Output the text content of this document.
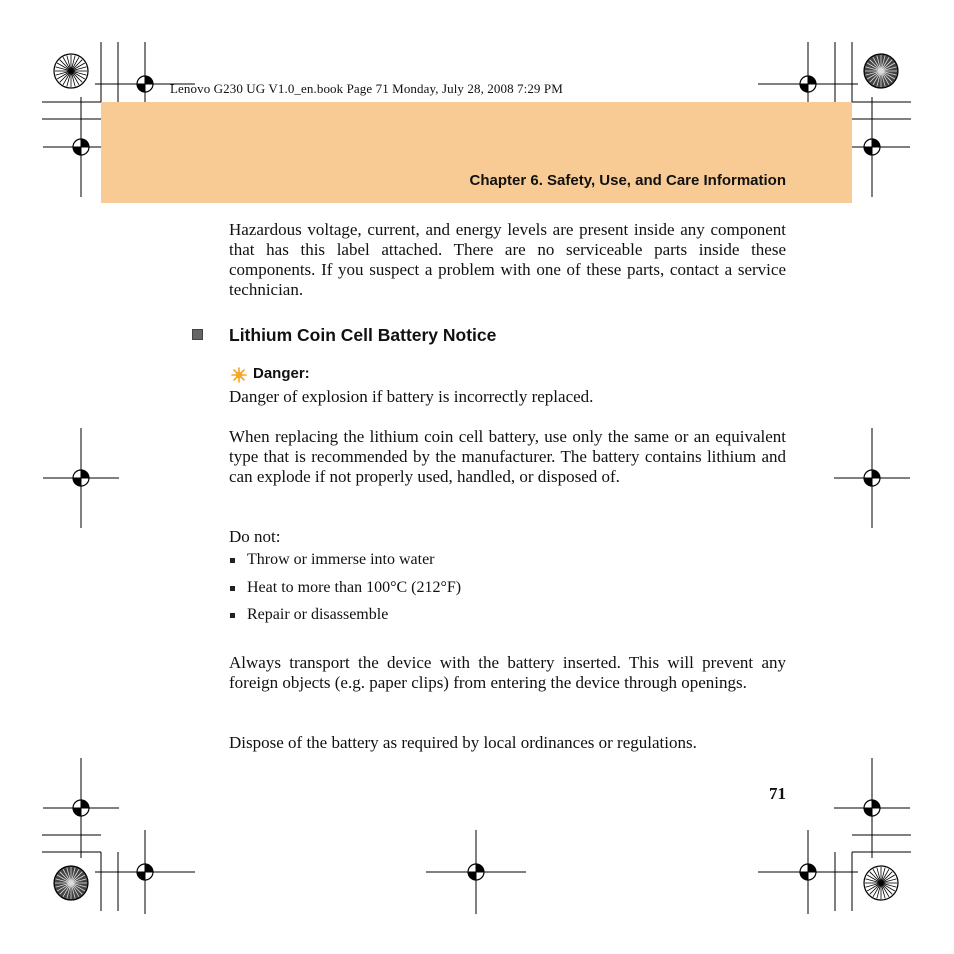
Lenovo G230 UG V1.0_en.book Page 71 Monday, July 28, 2008 7:29 PM
Chapter 6. Safety, Use, and Care Information

Hazardous voltage, current, and energy levels are present inside any component that has this label attached. There are no serviceable parts inside these components. If you suspect a problem with one of these parts, contact a service technician.

Lithium Coin Cell Battery Notice
Danger:

Danger of explosion if battery is incorrectly replaced.

When replacing the lithium coin cell battery, use only the same or an equivalent type that is recommended by the manufacturer. The battery contains lithium and can explode if not properly used, handled, or disposed of.

Do not:

Throw or immerse into water
Heat to more than 100°C (212°F)
Repair or disassemble

Always transport the device with the battery inserted. This will prevent any foreign objects (e.g. paper clips) from entering the device through openings.

Dispose of the battery as required by local ordinances or regulations.

71
